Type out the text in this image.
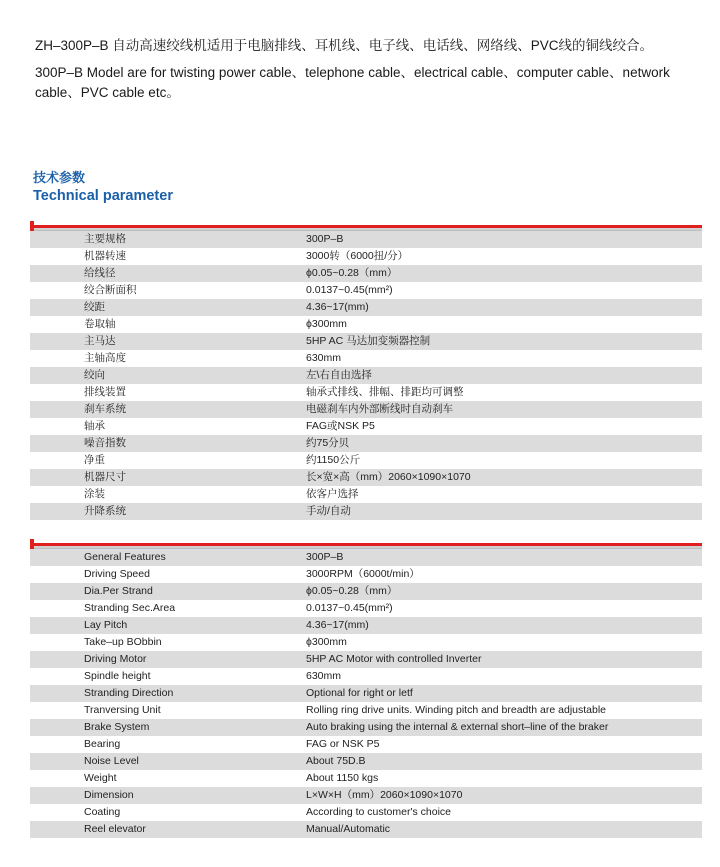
ZH–300P–B 自动高速绞线机适用于电脑排线、耳机线、电子线、电话线、网络线、PVC线的铜线绞合。

300P–B Model are for twisting power cable、telephone cable、electrical cable、computer cable、network cable、PVC cable etc。

技术参数
Technical parameter
主要规格	300P–B
机器转速	3000转（6000扭/分）
给线径	ϕ0.05~0.28（mm）
绞合断面积	0.0137~0.45(mm²)
绞距	4.36~17(mm)
卷取轴	ϕ300mm
主马达	5HP AC 马达加变频器控制
主轴高度	630mm
绞向	左\右自由选择
排线装置	轴承式排线、排幅、排距均可调整
刹车系统	电磁刹车内外部断线时自动刹车
轴承	FAG或NSK P5
噪音指数	约75分贝
净重	约1150公斤
机器尺寸	长×宽×高（mm）2060×1090×1070
涂装	依客户选择
升降系统	手动/自动
General Features	300P–B
Driving Speed	3000RPM（6000t/min）
Dia.Per Strand	ϕ0.05~0.28（mm）
Stranding Sec.Area	0.0137~0.45(mm²)
Lay Pitch	4.36~17(mm)
Take–up BObbin	ϕ300mm
Driving Motor	5HP AC Motor with controlled Inverter
Spindle height	630mm
Stranding Direction	Optional for right or letf
Tranversing Unit	Rolling ring drive units. Winding pitch and breadth are adjustable
Brake System	Auto braking using the internal & external short–line of the braker
Bearing	FAG or NSK P5
Noise Level	About 75D.B
Weight	About 1150 kgs
Dimension	L×W×H（mm）2060×1090×1070
Coating	According to customer's choice
Reel elevator	Manual/Automatic
